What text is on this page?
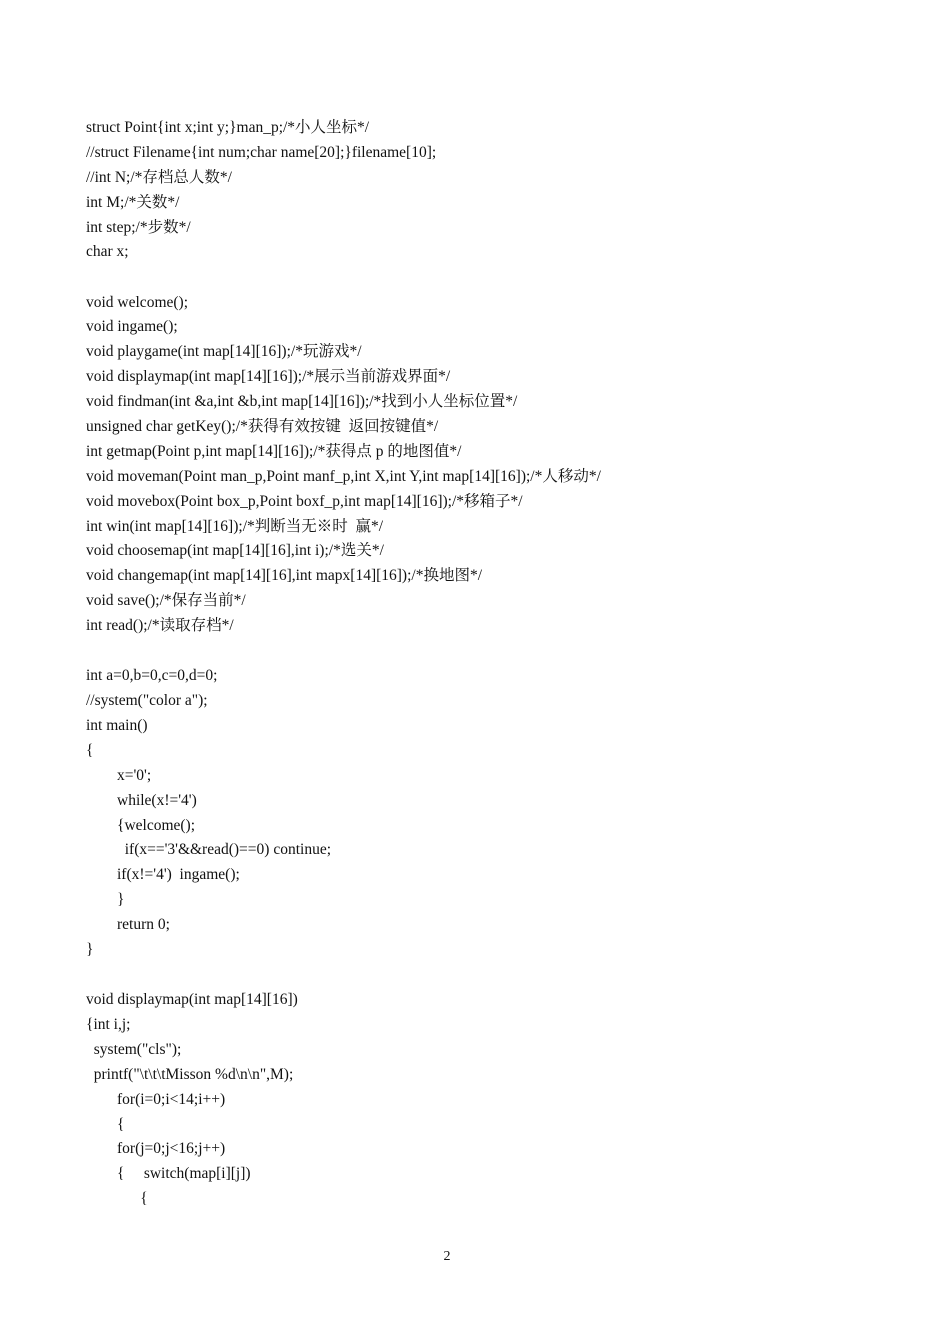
struct Point{int x;int y;}man_p;/*小人坐标*/
//struct Filename{int num;char name[20];}filename[10];
//int N;/*存档总人数*/
int M;/*关数*/
int step;/*步数*/
char x;
void welcome();
void ingame();
void playgame(int map[14][16]);/*玩游戏*/
void displaymap(int map[14][16]);/*展示当前游戏界面*/
void findman(int &a,int &b,int map[14][16]);/*找到小人坐标位置*/
unsigned char getKey();/*获得有效按键  返回按键值*/
int getmap(Point p,int map[14][16]);/*获得点 p 的地图值*/
void moveman(Point man_p,Point manf_p,int X,int Y,int map[14][16]);/*人移动*/
void movebox(Point box_p,Point boxf_p,int map[14][16]);/*移箱子*/
int win(int map[14][16]);/*判断当无※时  赢*/
void choosemap(int map[14][16],int i);/*选关*/
void changemap(int map[14][16],int mapx[14][16]);/*换地图*/
void save();/*保存当前*/
int read();/*读取存档*/
int a=0,b=0,c=0,d=0;
//system("color a");
int main()
{
x='0';
while(x!='4')
{welcome();
if(x=='3'&&read()==0) continue;
if(x!='4')  ingame();
}
return 0;
}
void displaymap(int map[14][16])
{int i,j;
system("cls");
printf("\t\t\tMisson %d\n\n",M);
for(i=0;i<14;i++)
{
for(j=0;j<16;j++)
{     switch(map[i][j])
{
2
